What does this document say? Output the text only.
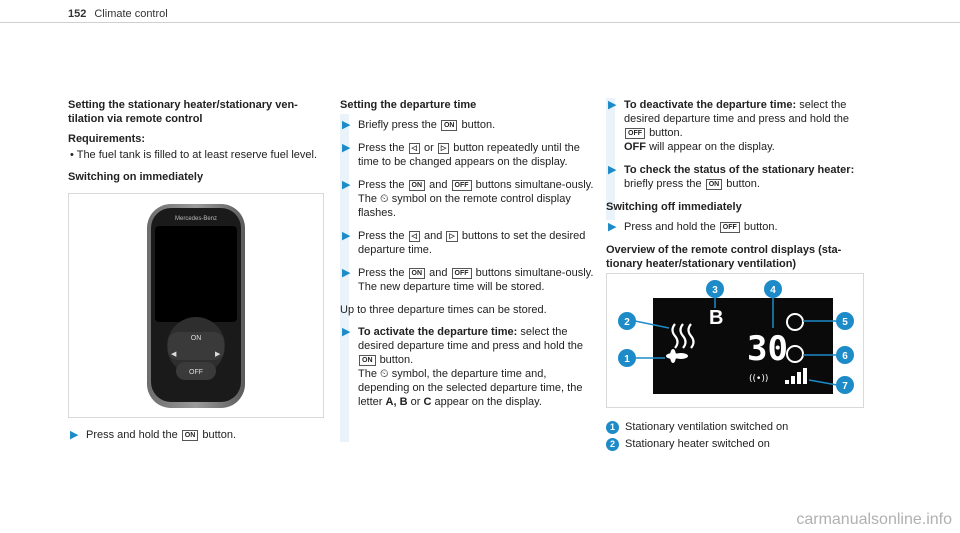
152 Climate control
Setting the stationary heater/stationary ven-
tilation via remote control
Requirements:
• The fuel tank is filled to at least reserve fuel level.
Switching on immediately
Mercedes-Benz
ON
◀	▶
OFF
▶ Press and hold the ON button.
Setting the departure time
▶ Briefly press the ON button.
▶ Press the ◁ or ▷ button repeatedly until the time to be changed appears on the display.
▶ Press the ON and OFF buttons simultane-ously.
The ⏲ symbol on the remote control display flashes.
▶ Press the ◁ and ▷ buttons to set the desired departure time.
▶ Press the ON and OFF buttons simultane-ously.
The new departure time will be stored.
Up to three departure times can be stored.
▶ To activate the departure time: select the desired departure time and press and hold the ON button.
The ⏲ symbol, the departure time and, depending on the selected departure time, the letter A, B or C appear on the display.
▶ To deactivate the departure time: select the desired departure time and press and hold the OFF button.
OFF will appear on the display.
▶ To check the status of the stationary heater: briefly press the ON button.
Switching off immediately
▶ Press and hold the OFF button.
Overview of the remote control displays (sta-
tionary heater/stationary ventilation)
B
30
((•))
1
2
3	4
5
6
7
1 Stationary ventilation switched on
2 Stationary heater switched on
carmanualsonline.info
